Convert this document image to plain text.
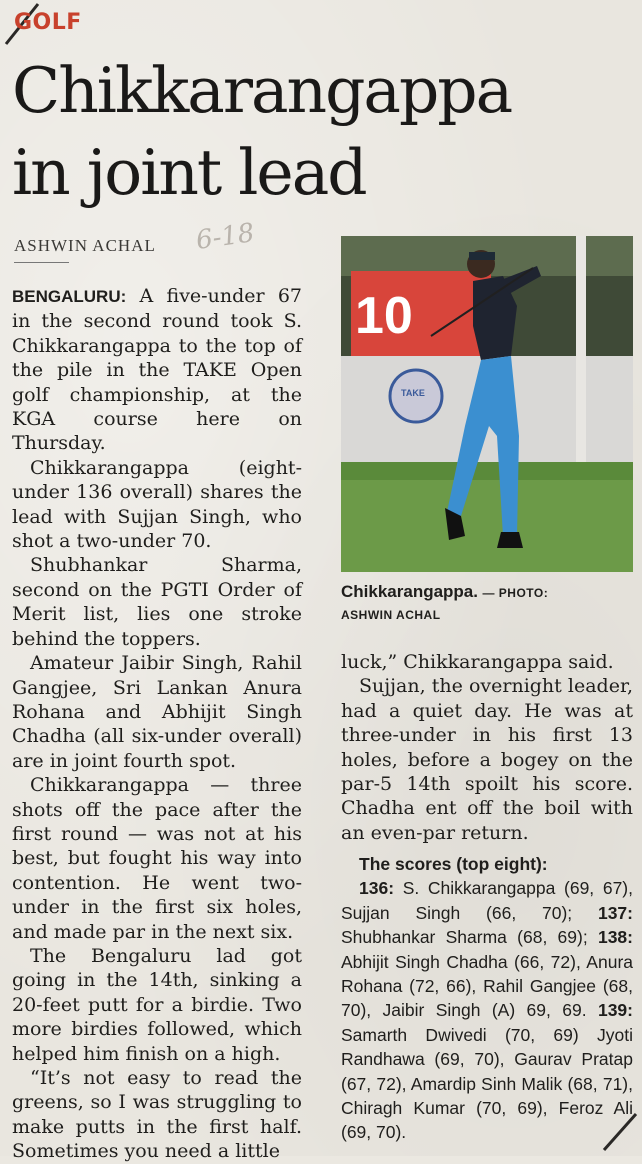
GOLF
Chikkarangappa
in joint lead
ASHWIN ACHAL 6-18

BENGALURU: A five-under 67 in the second round took S. Chikkarangappa to the top of the pile in the TAKE Open golf championship, at the KGA course here on Thursday.

Chikkarangappa (eight-under 136 overall) shares the lead with Sujjan Singh, who shot a two-under 70.

Shubhankar Sharma, second on the PGTI Order of Merit list, lies one stroke behind the toppers.

Amateur Jaibir Singh, Rahil Gangjee, Sri Lankan Anura Rohana and Abhijit Singh Chadha (all six-under overall) are in joint fourth spot.

Chikkarangappa — three shots off the pace after the first round — was not at his best, but fought his way into contention. He went two-under in the first six holes, and made par in the next six.

The Bengaluru lad got going in the 14th, sinking a 20-feet putt for a birdie. Two more birdies followed, which helped him finish on a high.

“It’s not easy to read the greens, so I was struggling to make putts in the first half. Sometimes you need a little

10
TAKE
Chikkarangappa. — PHOTO:
ASHWIN ACHAL

luck,” Chikkarangappa said.

Sujjan, the overnight leader, had a quiet day. He was at three-under in his first 13 holes, before a bogey on the par-5 14th spoilt his score. Chadha ent off the boil with an even-par return.

The scores (top eight):

136: S. Chikkarangappa (69, 67), Sujjan Singh (66, 70); 137: Shubhankar Sharma (68, 69); 138: Abhijit Singh Chadha (66, 72), Anura Rohana (72, 66), Rahil Gangjee (68, 70), Jaibir Singh (A) 69, 69. 139: Samarth Dwivedi (70, 69) Jyoti Randhawa (69, 70), Gaurav Pratap (67, 72), Amardip Sinh Malik (68, 71), Chiragh Kumar (70, 69), Feroz Ali (69, 70).
